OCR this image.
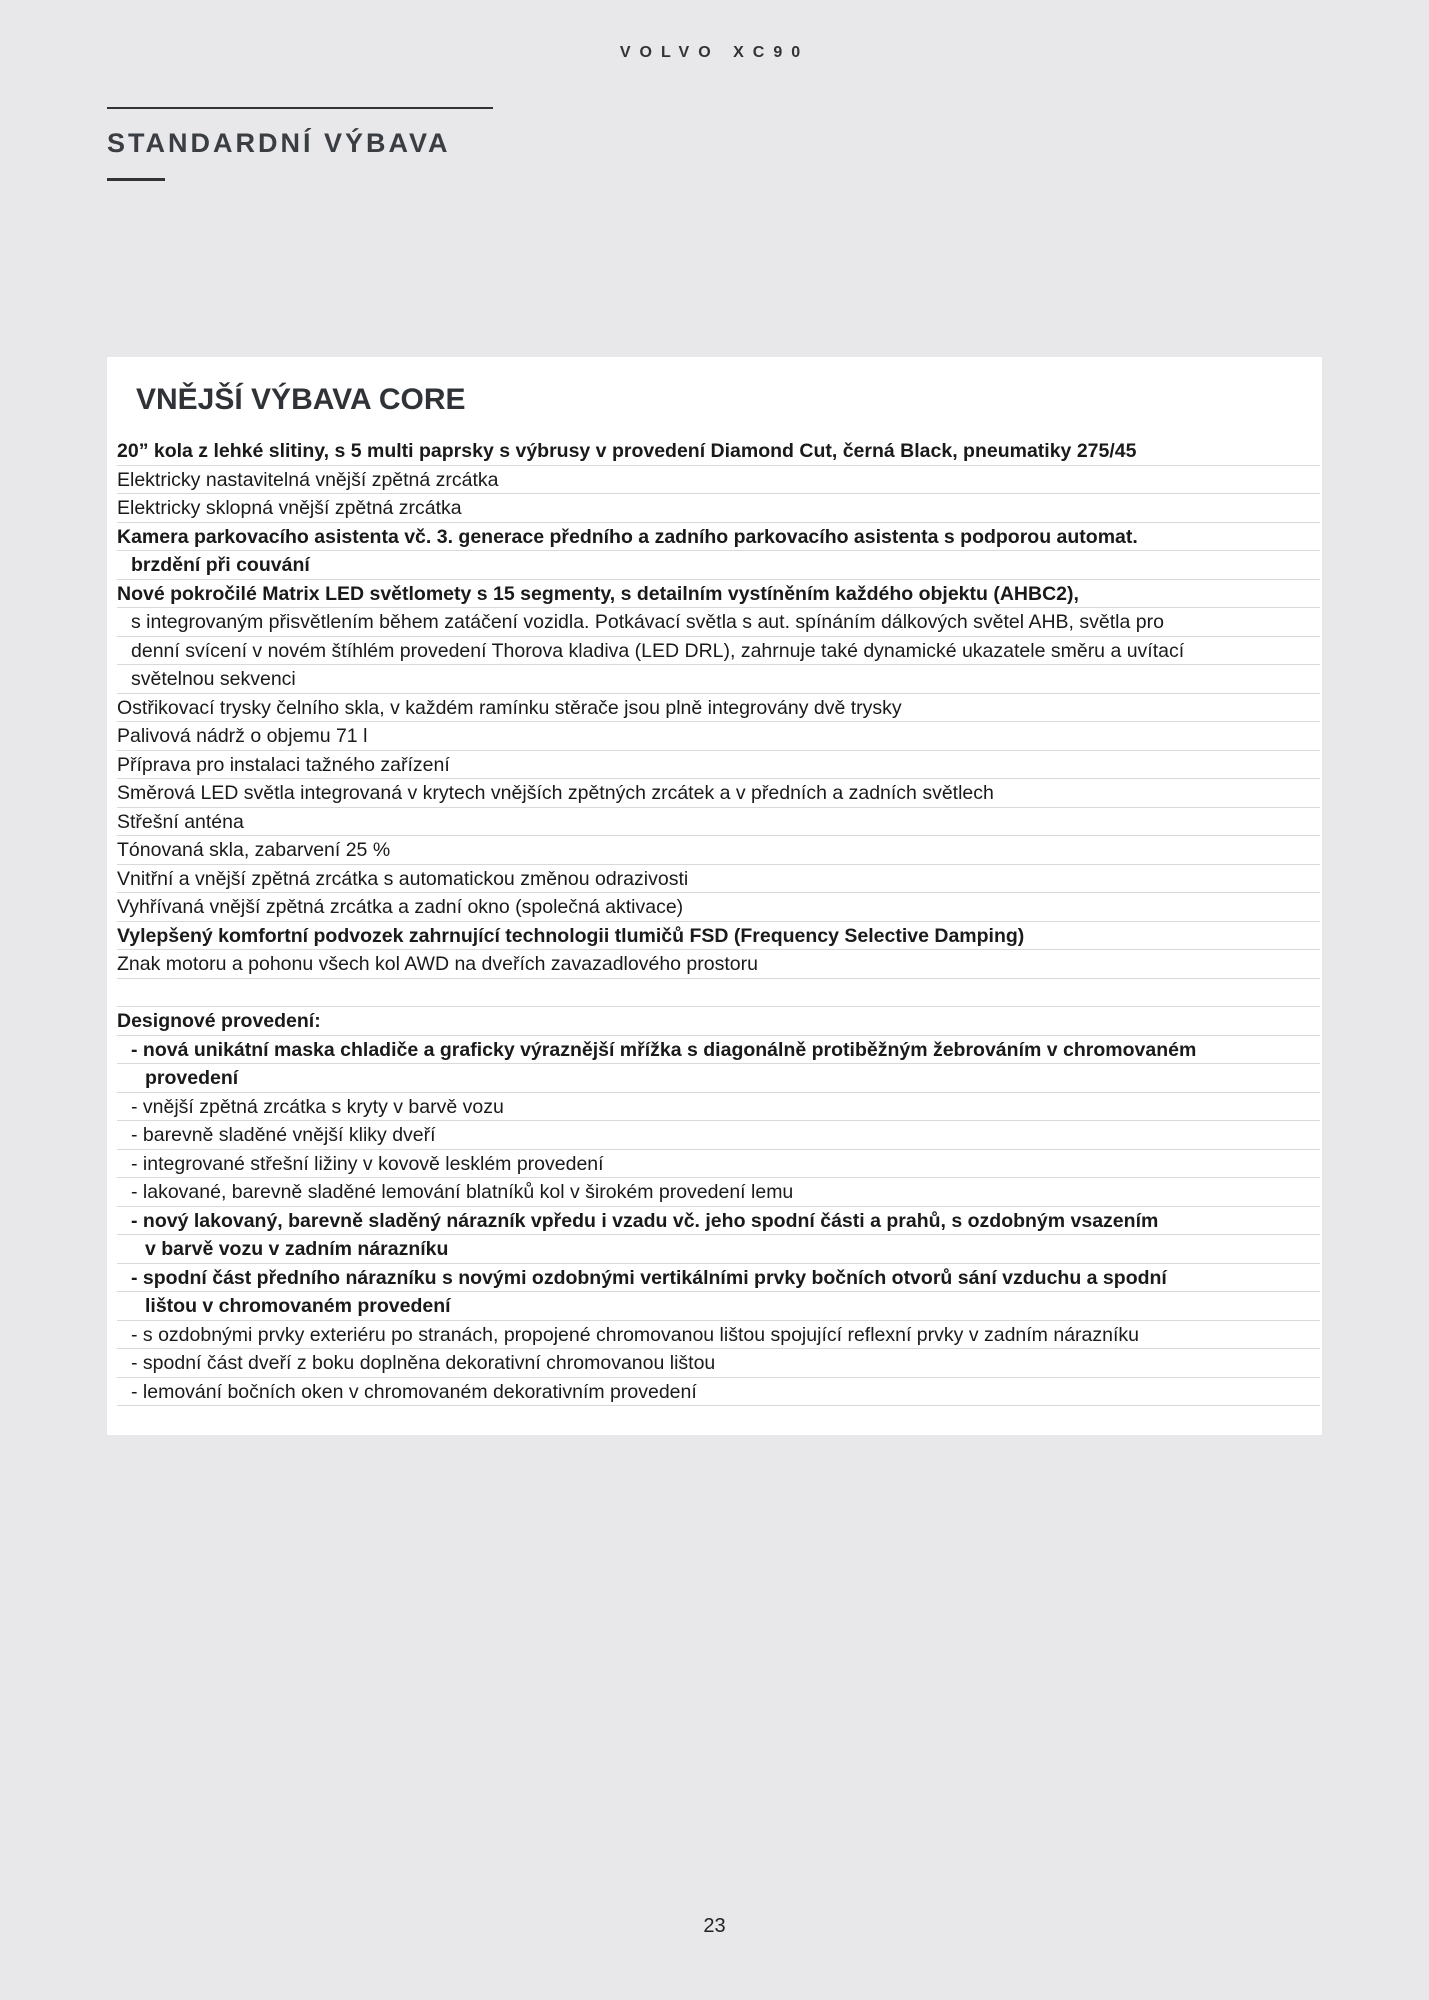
VOLVO XC90
STANDARDNÍ VÝBAVA
VNĚJŠÍ VÝBAVA CORE
20” kola z lehké slitiny, s 5 multi paprsky s výbrusy v provedení Diamond Cut, černá Black, pneumatiky 275/45
Elektricky nastavitelná vnější zpětná zrcátka
Elektricky sklopná vnější zpětná zrcátka
Kamera parkovacího asistenta vč. 3. generace předního a zadního parkovacího asistenta s podporou automat.
brzdění při couvání
Nové pokročilé Matrix LED světlomety s 15 segmenty, s detailním vystíněním každého objektu (AHBC2),
s integrovaným přisvětlením během zatáčení vozidla. Potkávací světla s aut. spínáním dálkových světel AHB, světla pro
denní svícení v novém štíhlém provedení Thorova kladiva (LED DRL), zahrnuje také dynamické ukazatele směru a uvítací
světelnou sekvenci
Ostřikovací trysky čelního skla, v každém ramínku stěrače jsou plně integrovány dvě trysky
Palivová nádrž o objemu 71 l
Příprava pro instalaci tažného zařízení
Směrová LED světla integrovaná v krytech vnějších zpětných zrcátek a v předních a zadních světlech
Střešní anténa
Tónovaná skla, zabarvení 25 %
Vnitřní a vnější zpětná zrcátka s automatickou změnou odrazivosti
Vyhřívaná vnější zpětná zrcátka a zadní okno (společná aktivace)
Vylepšený komfortní podvozek zahrnující technologii tlumičů FSD (Frequency Selective Damping)
Znak motoru a pohonu všech kol AWD na dveřích zavazadlového prostoru
Designové provedení:
- nová unikátní maska chladiče a graficky výraznější mřížka s diagonálně protiběžným žebrováním v chromovaném
provedení
- vnější zpětná zrcátka s kryty v barvě vozu
- barevně sladěné vnější kliky dveří
- integrované střešní ližiny v kovově lesklém provedení
- lakované, barevně sladěné lemování blatníků kol v širokém provedení lemu
- nový lakovaný, barevně sladěný nárazník vpředu i vzadu vč. jeho spodní části a prahů, s ozdobným vsazením
v barvě vozu v zadním nárazníku
- spodní část předního nárazníku s novými ozdobnými vertikálními prvky bočních otvorů sání vzduchu a spodní
lištou v chromovaném provedení
- s ozdobnými prvky exteriéru po stranách, propojené chromovanou lištou spojující reflexní prvky v zadním nárazníku
- spodní část dveří z boku doplněna dekorativní chromovanou lištou
- lemování bočních oken v chromovaném dekorativním provedení
23
